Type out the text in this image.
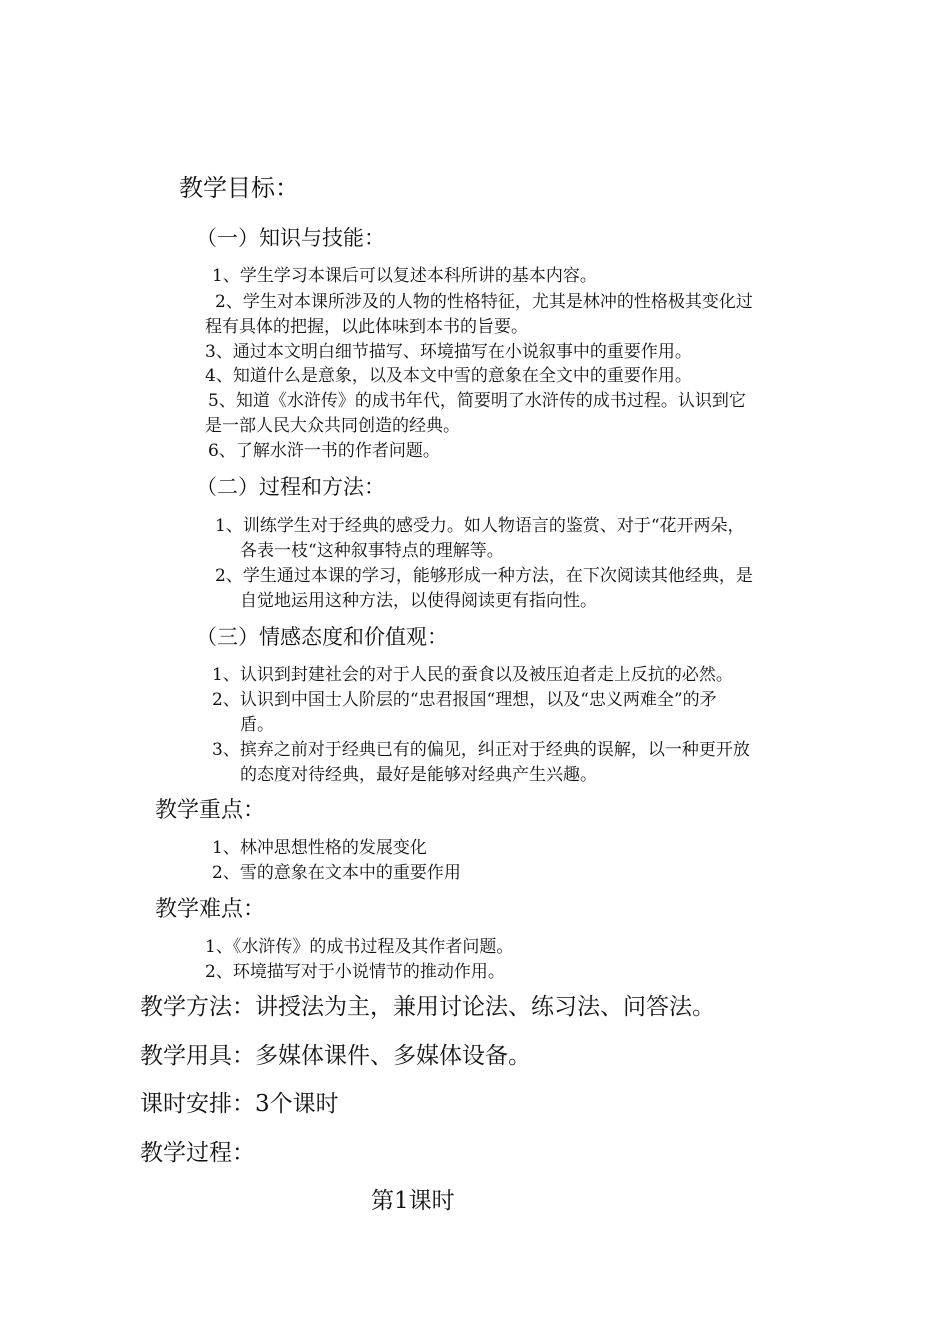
教学目标：
（一）知识与技能：
1、学生学习本课后可以复述本科所讲的基本内容。
2、学生对本课所涉及的人物的性格特征，尤其是林冲的性格极其变化过
程有具体的把握，以此体味到本书的旨要。
3、通过本文明白细节描写、环境描写在小说叙事中的重要作用。
4、知道什么是意象，以及本文中雪的意象在全文中的重要作用。
5、知道《水浒传》的成书年代，简要明了水浒传的成书过程。认识到它
是一部人民大众共同创造的经典。
6、了解水浒一书的作者问题。
（二）过程和方法：
1、训练学生对于经典的感受力。如人物语言的鉴赏、对于“花开两朵，
各表一枝“这种叙事特点的理解等。
2、学生通过本课的学习，能够形成一种方法，在下次阅读其他经典，是
自觉地运用这种方法，以使得阅读更有指向性。
（三）情感态度和价值观：
1、认识到封建社会的对于人民的蚕食以及被压迫者走上反抗的必然。
2、认识到中国士人阶层的“忠君报国“理想，以及“忠义两难全”的矛
盾。
3、摈弃之前对于经典已有的偏见，纠正对于经典的误解，以一种更开放
的态度对待经典，最好是能够对经典产生兴趣。
教学重点：
1、林冲思想性格的发展变化
2、雪的意象在文本中的重要作用
教学难点：
1、《水浒传》的成书过程及其作者问题。
2、环境描写对于小说情节的推动作用。
教学方法：讲授法为主，兼用讨论法、练习法、问答法。
教学用具：多媒体课件、多媒体设备。
课时安排：3个课时
教学过程：
第1课时
